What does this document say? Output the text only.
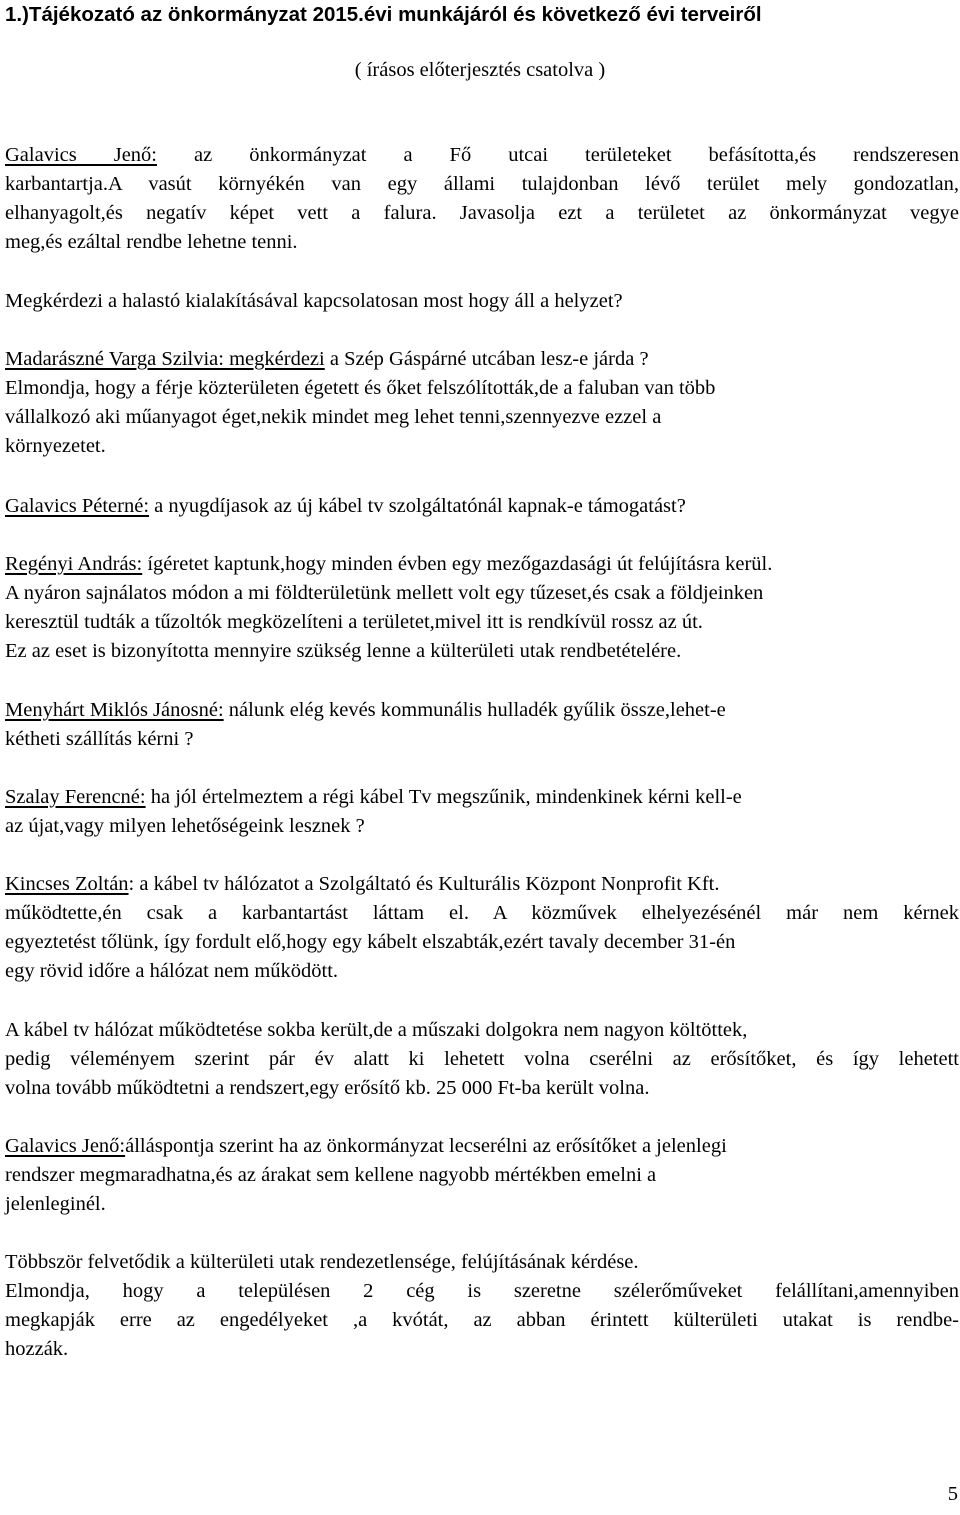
1.)Tájékozató az önkormányzat 2015.évi munkájáról és következő évi terveiről
( írásos előterjesztés csatolva )
Galavics Jenő: az önkormányzat a Fő utcai területeket befásította,és rendszeresen
karbantartja.A vasút környékén van egy állami tulajdonban lévő terület mely gondozatlan,
elhanyagolt,és negatív képet vett a falura. Javasolja ezt a területet az önkormányzat vegye
meg,és ezáltal rendbe lehetne tenni.
Megkérdezi a halastó kialakításával kapcsolatosan most hogy áll a helyzet?
Madarászné Varga Szilvia: megkérdezi a Szép Gáspárné utcában lesz-e járda ?
Elmondja, hogy a férje közterületen égetett és őket felszólították,de a faluban van több
vállalkozó aki műanyagot éget,nekik mindet meg lehet tenni,szennyezve ezzel a
környezetet.
Galavics Péterné: a nyugdíjasok az új kábel tv szolgáltatónál kapnak-e támogatást?
Regényi András: ígéretet kaptunk,hogy minden évben egy mezőgazdasági út felújításra kerül.
A nyáron sajnálatos módon a mi földterületünk mellett volt egy tűzeset,és csak a földjeinken
keresztül tudták a tűzoltók megközelíteni a területet,mivel itt is rendkívül rossz az út.
Ez az eset is bizonyította mennyire szükség lenne a külterületi utak rendbetételére.
Menyhárt Miklós Jánosné: nálunk elég kevés kommunális hulladék gyűlik össze,lehet-e
kétheti szállítás kérni ?
Szalay Ferencné: ha jól értelmeztem a régi kábel Tv megszűnik, mindenkinek kérni kell-e
az újat,vagy milyen lehetőségeink lesznek ?
Kincses Zoltán: a kábel tv hálózatot a Szolgáltató és Kulturális Központ Nonprofit Kft.
működtette,én csak a karbantartást láttam el. A közművek elhelyezésénél már nem kérnek
egyeztetést tőlünk, így fordult elő,hogy egy kábelt elszabták,ezért tavaly december 31-én
egy rövid időre a hálózat nem működött.
A kábel tv hálózat működtetése sokba került,de a műszaki dolgokra nem nagyon költöttek,
pedig véleményem szerint pár év alatt ki lehetett volna cserélni az erősítőket, és így lehetett
volna tovább működtetni a rendszert,egy erősítő kb. 25 000 Ft-ba került volna.
Galavics Jenő:álláspontja szerint ha az önkormányzat lecserélni az erősítőket a jelenlegi
rendszer megmaradhatna,és az árakat sem kellene nagyobb mértékben emelni a
jelenleginél.
Többször felvetődik a külterületi utak rendezetlensége, felújításának kérdése.
Elmondja, hogy a településen 2 cég is szeretne szélerőműveket felállítani,amennyiben
megkapják erre az engedélyeket ,a kvótát, az abban érintett külterületi utakat is rendbe-
hozzák.
5
